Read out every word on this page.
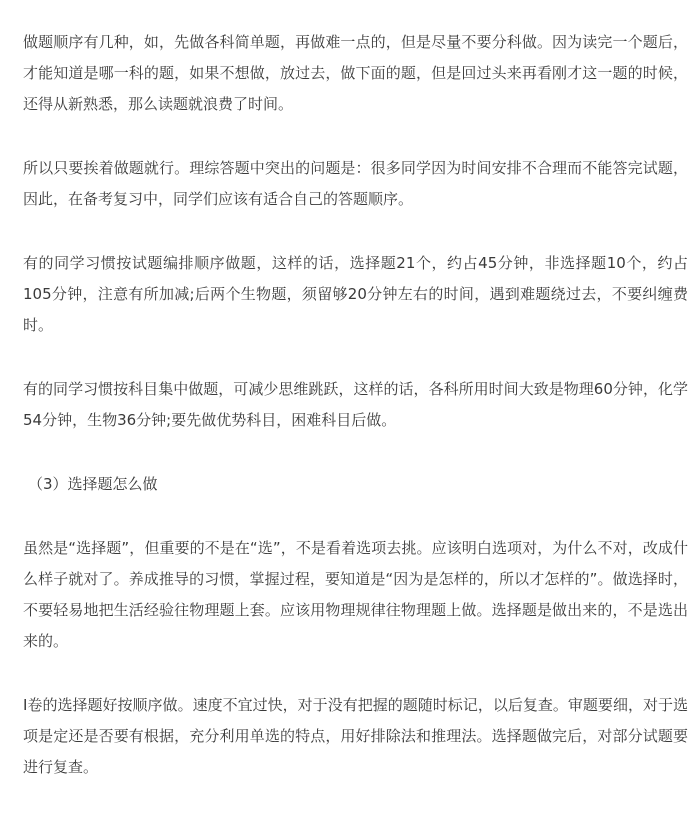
做题顺序有几种，如，先做各科简单题，再做难一点的，但是尽量不要分科做。因为读完一个题后，才能知道是哪一科的题，如果不想做，放过去，做下面的题，但是回过头来再看刚才这一题的时候，还得从新熟悉，那么读题就浪费了时间。

所以只要挨着做题就行。理综答题中突出的问题是：很多同学因为时间安排不合理而不能答完试题，因此，在备考复习中，同学们应该有适合自己的答题顺序。

有的同学习惯按试题编排顺序做题，这样的话，选择题21个，约占45分钟，非选择题10个，约占105分钟，注意有所加减;后两个生物题，须留够20分钟左右的时间，遇到难题绕过去，不要纠缠费时。

有的同学习惯按科目集中做题，可减少思维跳跃，这样的话，各科所用时间大致是物理60分钟，化学54分钟，生物36分钟;要先做优势科目，困难科目后做。

（3）选择题怎么做

虽然是“选择题”，但重要的不是在“选”，不是看着选项去挑。应该明白选项对，为什么不对，改成什么样子就对了。养成推导的习惯，掌握过程，要知道是“因为是怎样的，所以才怎样的”。做选择时，不要轻易地把生活经验往物理题上套。应该用物理规律往物理题上做。选择题是做出来的，不是选出来的。

Ⅰ卷的选择题好按顺序做。速度不宜过快，对于没有把握的题随时标记，以后复查。审题要细，对于选项是定还是否要有根据，充分利用单选的特点，用好排除法和推理法。选择题做完后，对部分试题要进行复查。
